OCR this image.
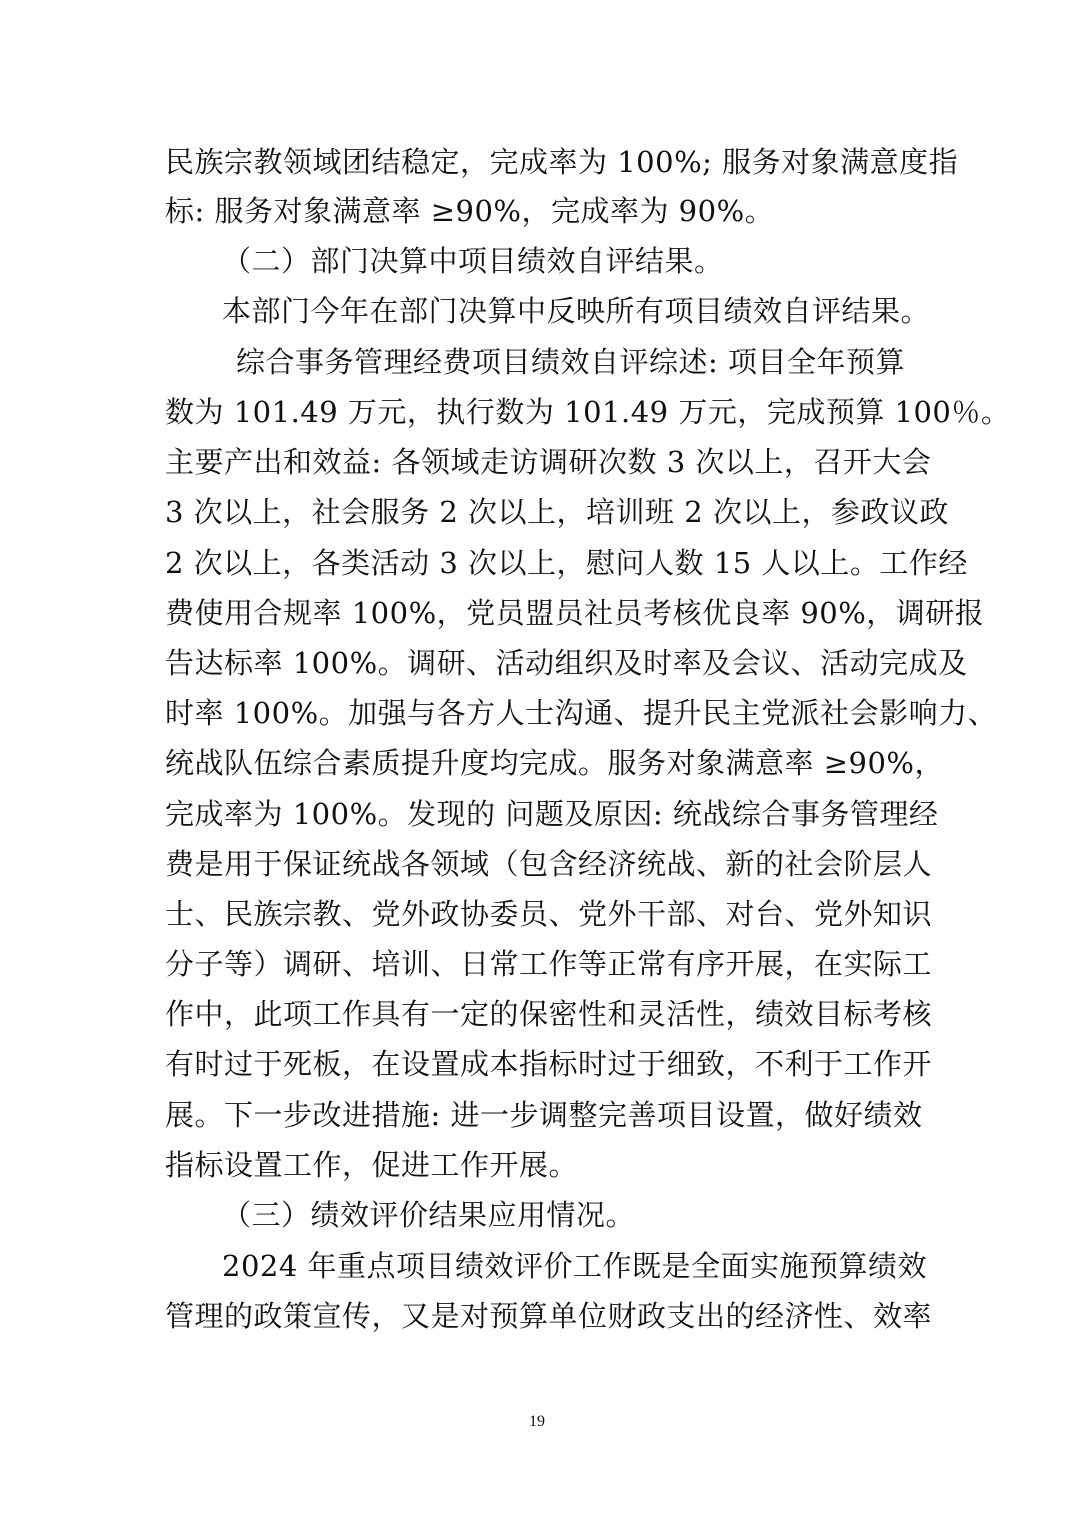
民族宗教领域团结稳定，完成率为 100%; 服务对象满意度指
标: 服务对象满意率 ≥90%，完成率为 90%。
（二）部门决算中项目绩效自评结果。
本部门今年在部门决算中反映所有项目绩效自评结果。
综合事务管理经费项目绩效自评综述: 项目全年预算
数为 101.49 万元，执行数为 101.49 万元，完成预算 100％。
主要产出和效益: 各领域走访调研次数 3 次以上，召开大会
3 次以上，社会服务 2 次以上，培训班 2 次以上，参政议政
2 次以上，各类活动 3 次以上，慰问人数 15 人以上。工作经
费使用合规率 100%，党员盟员社员考核优良率 90%，调研报
告达标率 100%。调研、活动组织及时率及会议、活动完成及
时率 100%。加强与各方人士沟通、提升民主党派社会影响力、
统战队伍综合素质提升度均完成。服务对象满意率 ≥90%，
完成率为 100%。发现的 问题及原因: 统战综合事务管理经
费是用于保证统战各领域（包含经济统战、新的社会阶层人
士、民族宗教、党外政协委员、党外干部、对台、党外知识
分子等）调研、培训、日常工作等正常有序开展，在实际工
作中，此项工作具有一定的保密性和灵活性，绩效目标考核
有时过于死板，在设置成本指标时过于细致，不利于工作开
展。下一步改进措施: 进一步调整完善项目设置，做好绩效
指标设置工作，促进工作开展。
（三）绩效评价结果应用情况。
2024 年重点项目绩效评价工作既是全面实施预算绩效
管理的政策宣传，又是对预算单位财政支出的经济性、效率
19
